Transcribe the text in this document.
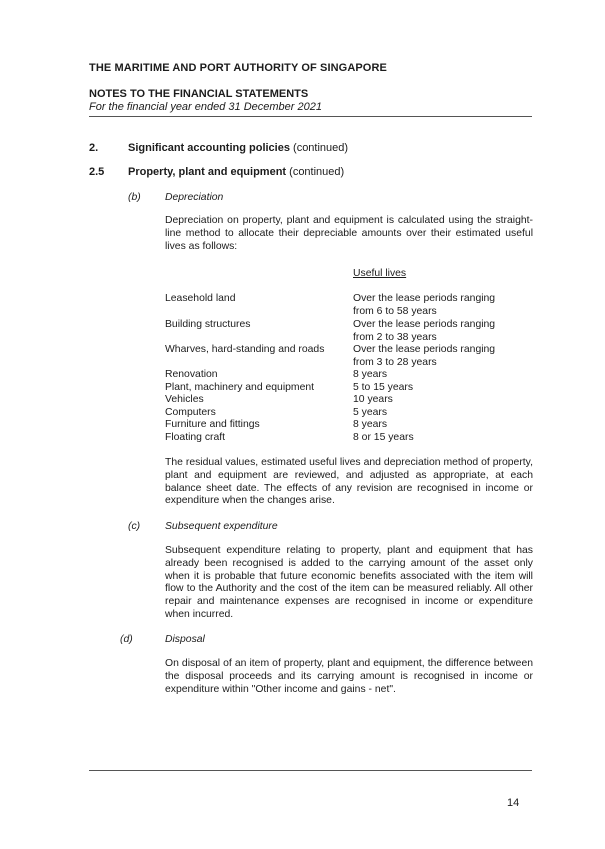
THE MARITIME AND PORT AUTHORITY OF SINGAPORE
NOTES TO THE FINANCIAL STATEMENTS
For the financial year ended 31 December 2021
2.	Significant accounting policies (continued)
2.5 Property, plant and equipment (continued)
(b) Depreciation
Depreciation on property, plant and equipment is calculated using the straight-line method to allocate their depreciable amounts over their estimated useful lives as follows:
Useful lives
Leasehold land	Over the lease periods ranging
from 6 to 58 years
Building structures	Over the lease periods ranging
from 2 to 38 years
Wharves, hard-standing and roads	Over the lease periods ranging
from 3 to 28 years
Renovation	8 years
Plant, machinery and equipment	5 to 15 years
Vehicles	10 years
Computers	5 years
Furniture and fittings	8 years
Floating craft	8 or 15 years
The residual values, estimated useful lives and depreciation method of property, plant and equipment are reviewed, and adjusted as appropriate, at each balance sheet date. The effects of any revision are recognised in income or expenditure when the changes arise.
(c) Subsequent expenditure
Subsequent expenditure relating to property, plant and equipment that has already been recognised is added to the carrying amount of the asset only when it is probable that future economic benefits associated with the item will flow to the Authority and the cost of the item can be measured reliably. All other repair and maintenance expenses are recognised in income or expenditure when incurred.
(d)	Disposal
On disposal of an item of property, plant and equipment, the difference between the disposal proceeds and its carrying amount is recognised in income or expenditure within "Other income and gains - net".
14
